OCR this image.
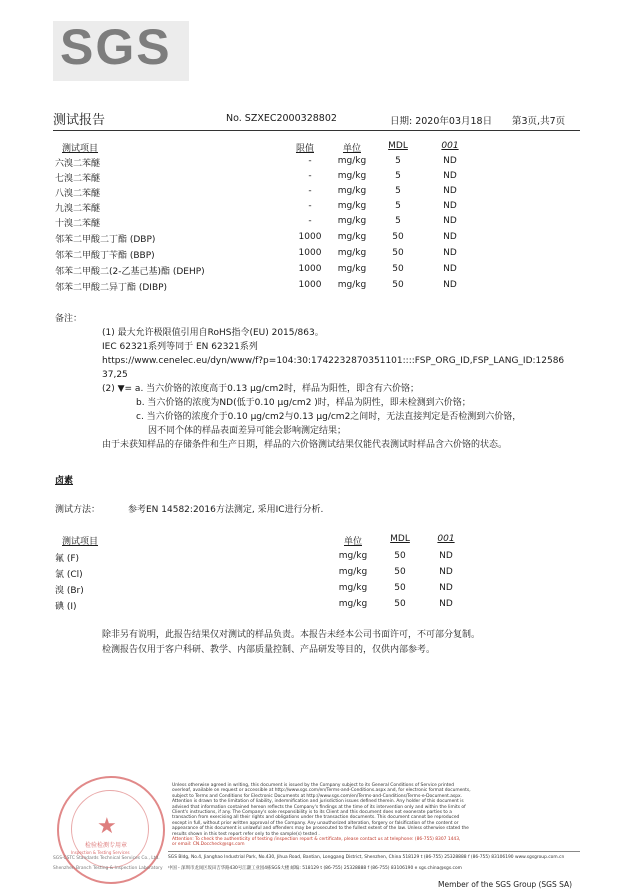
SGS
测试报告	No. SZXEC2000328802	日期: 2020年03月18日 第3页,共7页
测试项目	限值	单位	MDL	001
六溴二苯醚	-	mg/kg	5	ND
七溴二苯醚	-	mg/kg	5	ND
八溴二苯醚	-	mg/kg	5	ND
九溴二苯醚	-	mg/kg	5	ND
十溴二苯醚	-	mg/kg	5	ND
邻苯二甲酸二丁酯 (DBP)	1000	mg/kg	50	ND
邻苯二甲酸丁苄酯 (BBP)	1000	mg/kg	50	ND
邻苯二甲酸二(2-乙基己基)酯 (DEHP)	1000	mg/kg	50	ND
邻苯二甲酸二异丁酯 (DIBP)	1000	mg/kg	50	ND
备注：
(1) 最大允许极限值引用自RoHS指令(EU) 2015/863。
IEC 62321系列等同于 EN 62321系列
https://www.cenelec.eu/dyn/www/f?p=104:30:1742232870351101::::FSP_ORG_ID,FSP_LANG_ID:12586
37,25
(2) ▼= a. 当六价铬的浓度高于0.13 µg/cm2时，样品为阳性，即含有六价铬；
b. 当六价铬的浓度为ND(低于0.10 µg/cm2 )时，样品为阴性，即未检测到六价铬；
c. 当六价铬的浓度介于0.10 µg/cm2与0.13 µg/cm2之间时，无法直接判定是否检测到六价铬，
因不同个体的样品表面差异可能会影响测定结果；
由于未获知样品的存储条件和生产日期，样品的六价铬测试结果仅能代表测试时样品含六价铬的状态。
卤素
测试方法：	参考EN 14582:2016方法测定, 采用IC进行分析.
测试项目	单位	MDL	001
氟 (F)	mg/kg	50	ND
氯 (Cl)	mg/kg	50	ND
溴 (Br)	mg/kg	50	ND
碘 (I)	mg/kg	50	ND
除非另有说明，此报告结果仅对测试的样品负责。本报告未经本公司书面许可，不可部分复制。
检测报告仅用于客户科研、教学、内部质量控制、产品研发等目的，仅供内部参考。
Unless otherwise agreed in writing, this document is issued by the Company subject to its General Conditions of Service printed
overleaf, available on request or accessible at http://www.sgs.com/en/Terms-and-Conditions.aspx and, for electronic format documents,
subject to Terms and Conditions for Electronic Documents at http://www.sgs.com/en/Terms-and-Conditions/Terms-e-Document.aspx.
Attention is drawn to the limitation of liability, indemnification and jurisdiction issues defined therein. Any holder of this document is
advised that information contained hereon reflects the Company's findings at the time of its intervention only and within the limits of
Client's instructions, if any. The Company's sole responsibility is to its Client and this document does not exonerate parties to a
transaction from exercising all their rights and obligations under the transaction documents. This document cannot be reproduced
except in full, without prior written approval of the Company. Any unauthorized alteration, forgery or falsification of the content or
appearance of this document is unlawful and offenders may be prosecuted to the fullest extent of the law. Unless otherwise stated the
results shown in this test report refer only to the sample(s) tested .
Attention: To check the authenticity of testing /inspection report & certificate, please contact us at telephone: (86-755) 8307 1443,
or email: CN.Doccheck@sgs.com
SGS Bldg, No.4, Jianghao Industrial Park, No.430, Jihua Road, Bantian, Longgang District, Shenzhen, China 518129 t (86-755) 25328888 f (86-755) 83106190 www.sgsgroup.com.cn
中国・深圳市龙岗区坂田吉华路430号江灏工业园4栋SGS大楼 邮编: 518129 t (86-755) 25328888 f (86-755) 83106190 e sgs.china@sgs.com
★
检验检测专用章
Inspection & Testing Services
SGS-CSTC Standards Technical Services Co., Ltd.
Shenzhen Branch Testing & Inspection Laboratory
Member of the SGS Group (SGS SA)
